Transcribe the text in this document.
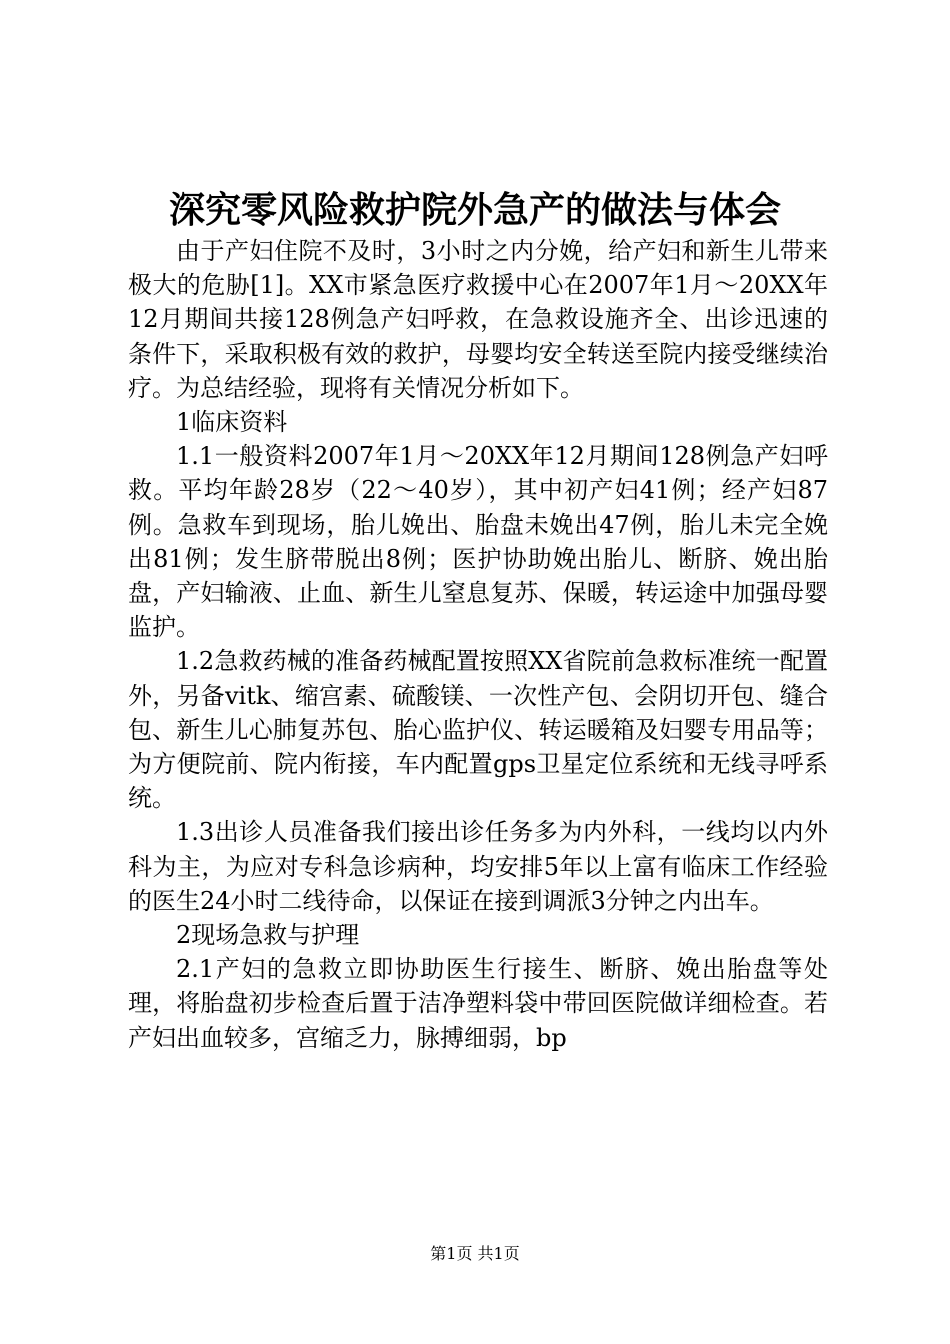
深究零风险救护院外急产的做法与体会

由于产妇住院不及时，3小时之内分娩，给产妇和新生儿带来极大的危胁[1]。XX市紧急医疗救援中心在2007年1月～20XX年12月期间共接128例急产妇呼救，在急救设施齐全、出诊迅速的条件下，采取积极有效的救护，母婴均安全转送至院内接受继续治疗。为总结经验，现将有关情况分析如下。

1临床资料

1.1一般资料2007年1月～20XX年12月期间128例急产妇呼救。平均年龄28岁（22～40岁），其中初产妇41例；经产妇87例。急救车到现场，胎儿娩出、胎盘未娩出47例，胎儿未完全娩出81例；发生脐带脱出8例；医护协助娩出胎儿、断脐、娩出胎盘，产妇输液、止血、新生儿窒息复苏、保暖，转运途中加强母婴监护。

1.2急救药械的准备药械配置按照XX省院前急救标准统一配置外，另备vitk、缩宫素、硫酸镁、一次性产包、会阴切开包、缝合包、新生儿心肺复苏包、胎心监护仪、转运暖箱及妇婴专用品等；为方便院前、院内衔接，车内配置gps卫星定位系统和无线寻呼系统。

1.3出诊人员准备我们接出诊任务多为内外科，一线均以内外科为主，为应对专科急诊病种，均安排5年以上富有临床工作经验的医生24小时二线待命，以保证在接到调派3分钟之内出车。

2现场急救与护理

2.1产妇的急救立即协助医生行接生、断脐、娩出胎盘等处理，将胎盘初步检查后置于洁净塑料袋中带回医院做详细检查。若产妇出血较多，宫缩乏力，脉搏细弱，bp

第1页 共1页
